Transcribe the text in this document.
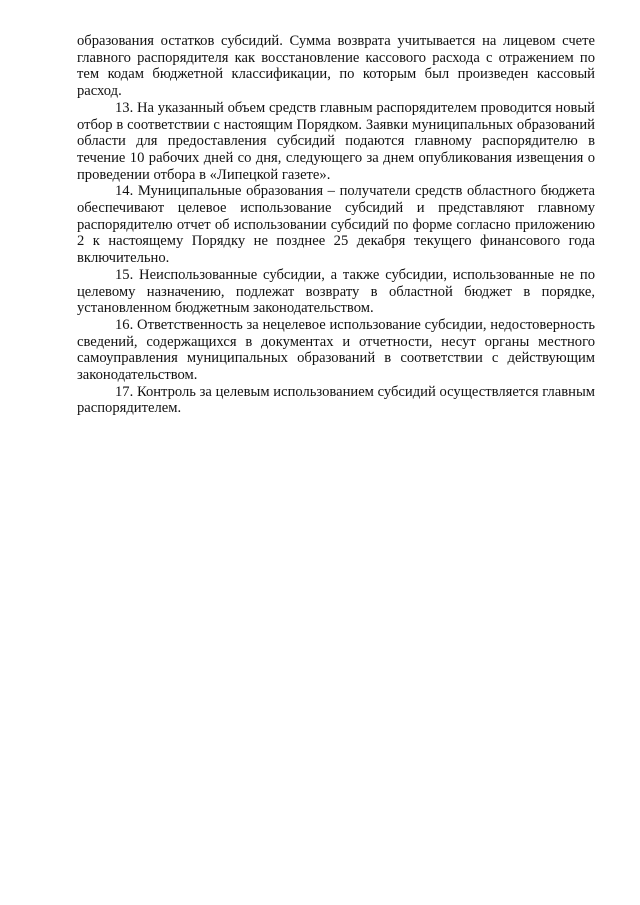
образования остатков субсидий. Сумма возврата учитывается на лицевом счете главного распорядителя как восстановление кассового расхода с отражением по тем кодам бюджетной классификации, по которым был произведен кассовый расход.

13. На указанный объем средств главным распорядителем проводится новый отбор в соответствии с настоящим Порядком. Заявки муниципальных образований области для предоставления субсидий подаются главному распорядителю в течение 10 рабочих дней со дня, следующего за днем опубликования извещения о проведении отбора в «Липецкой газете».

14. Муниципальные образования – получатели средств областного бюджета обеспечивают целевое использование субсидий и представляют главному распорядителю отчет об использовании субсидий по форме согласно приложению 2 к настоящему Порядку не позднее 25 декабря текущего финансового года включительно.

15. Неиспользованные субсидии, а также субсидии, использованные не по целевому назначению, подлежат возврату в областной бюджет в порядке, установленном бюджетным законодательством.

16. Ответственность за нецелевое использование субсидии, недостоверность сведений, содержащихся в документах и отчетности, несут органы местного самоуправления муниципальных образований в соответствии с действующим законодательством.

17. Контроль за целевым использованием субсидий осуществляется главным распорядителем.
